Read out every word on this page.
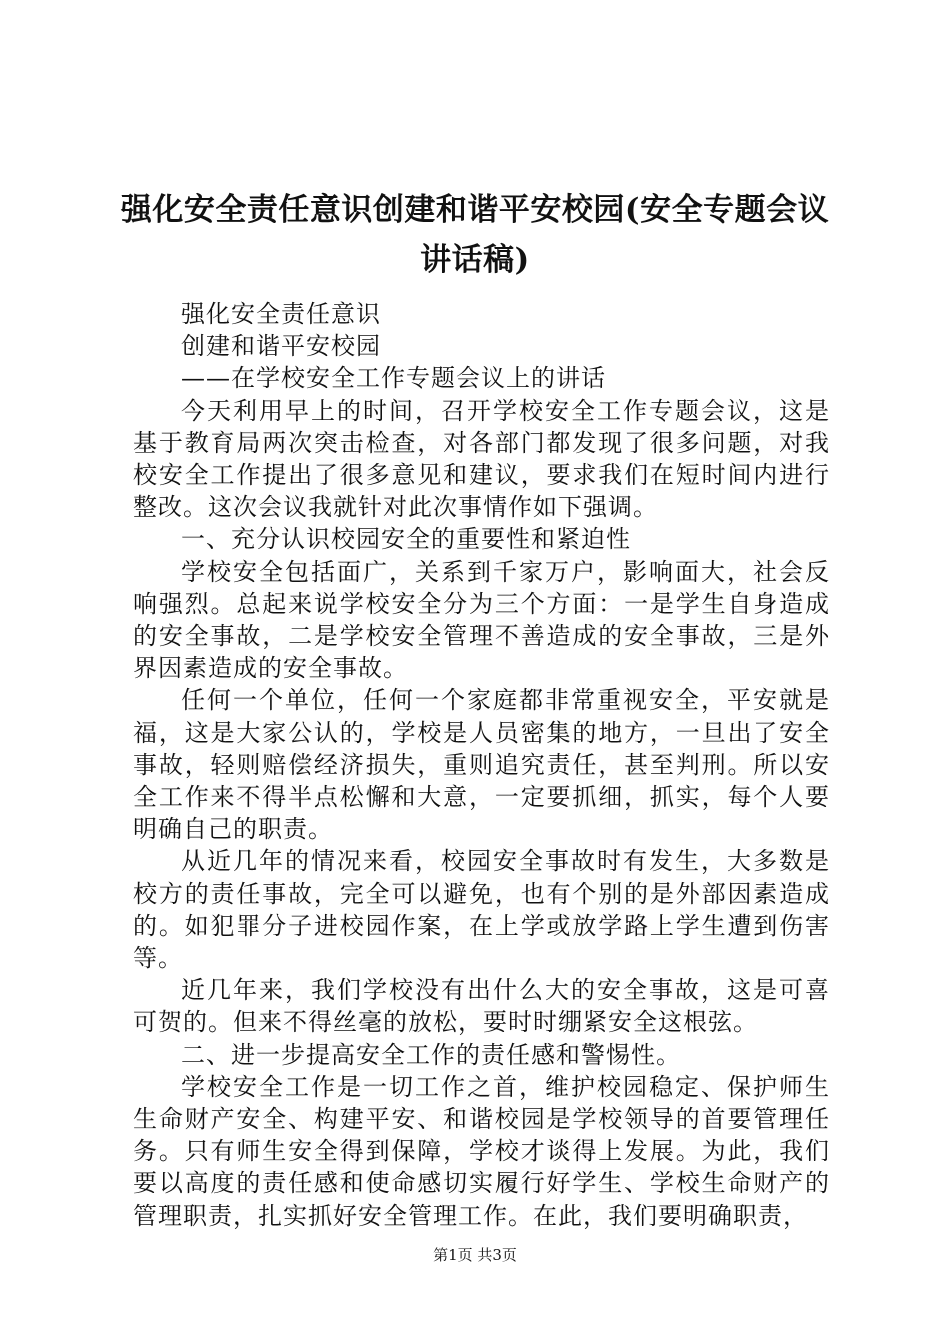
强化安全责任意识创建和谐平安校园(安全专题会议讲话稿)

强化安全责任意识

创建和谐平安校园

——在学校安全工作专题会议上的讲话

今天利用早上的时间，召开学校安全工作专题会议，这是基于教育局两次突击检查，对各部门都发现了很多问题，对我校安全工作提出了很多意见和建议，要求我们在短时间内进行整改。这次会议我就针对此次事情作如下强调。

一、充分认识校园安全的重要性和紧迫性

学校安全包括面广，关系到千家万户，影响面大，社会反响强烈。总起来说学校安全分为三个方面：一是学生自身造成的安全事故，二是学校安全管理不善造成的安全事故，三是外界因素造成的安全事故。

任何一个单位，任何一个家庭都非常重视安全，平安就是福，这是大家公认的，学校是人员密集的地方，一旦出了安全事故，轻则赔偿经济损失，重则追究责任，甚至判刑。所以安全工作来不得半点松懈和大意，一定要抓细，抓实，每个人要明确自己的职责。

从近几年的情况来看，校园安全事故时有发生，大多数是校方的责任事故，完全可以避免，也有个别的是外部因素造成的。如犯罪分子进校园作案，在上学或放学路上学生遭到伤害等。

近几年来，我们学校没有出什么大的安全事故，这是可喜可贺的。但来不得丝毫的放松，要时时绷紧安全这根弦。

二、进一步提高安全工作的责任感和警惕性。

学校安全工作是一切工作之首，维护校园稳定、保护师生生命财产安全、构建平安、和谐校园是学校领导的首要管理任务。只有师生安全得到保障，学校才谈得上发展。为此，我们要以高度的责任感和使命感切实履行好学生、学校生命财产的管理职责，扎实抓好安全管理工作。在此，我们要明确职责，

第1页 共3页
